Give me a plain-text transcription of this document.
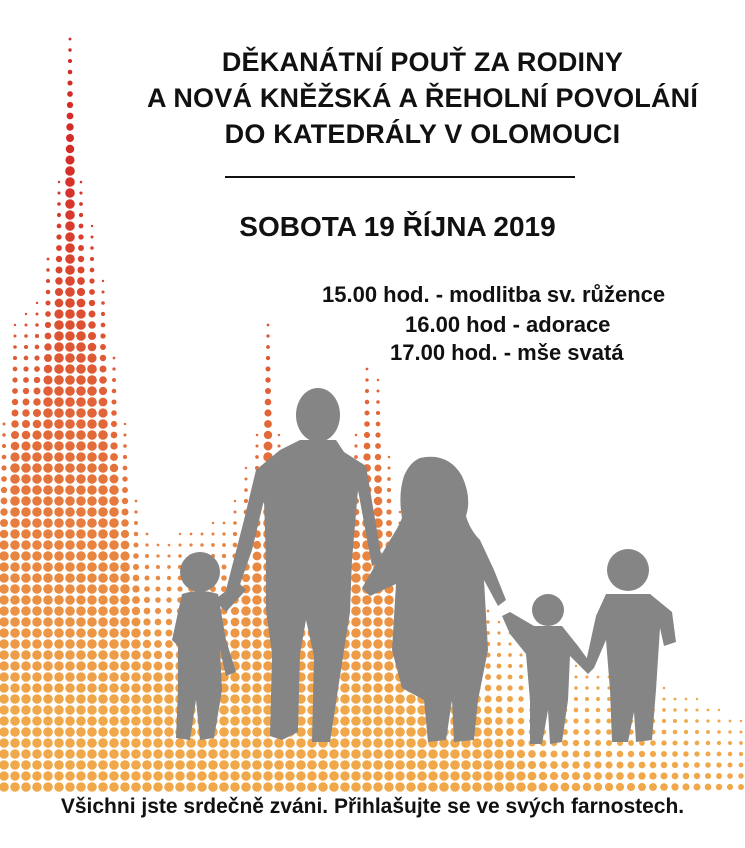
DĚKANÁTNÍ POUŤ ZA RODINY
A NOVÁ KNĚŽSKÁ A ŘEHOLNÍ POVOLÁNÍ
DO KATEDRÁLY V OLOMOUCI
SOBOTA 19 ŘÍJNA 2019
15.00 hod. - modlitba sv. růžence
16.00 hod - adorace
17.00 hod. - mše svatá
Všichni jste srdečně zváni. Přihlašujte se ve svých farnostech.
